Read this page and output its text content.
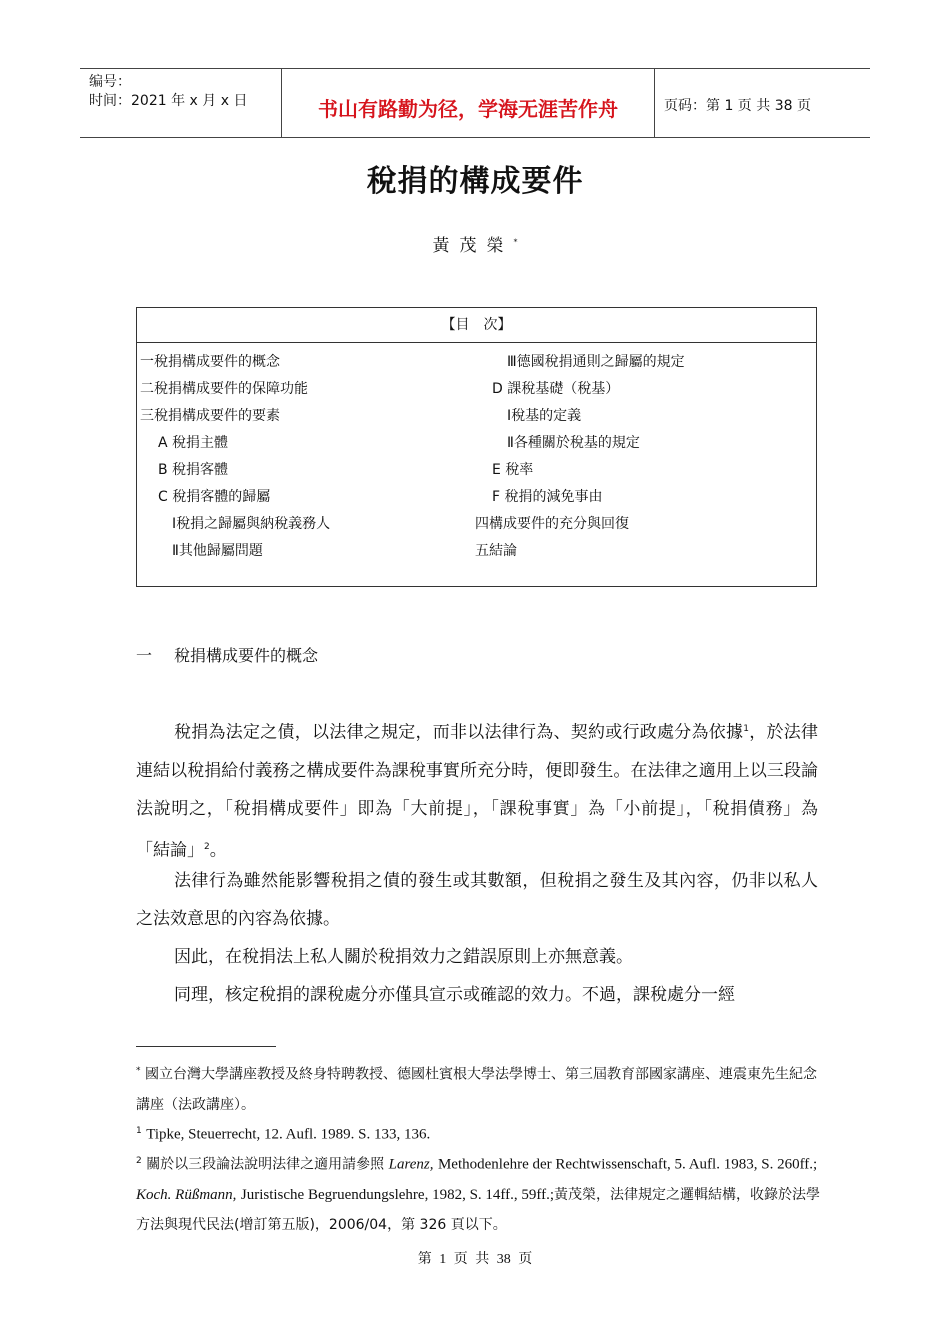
编号：
时间：2021 年 x 月 x 日	书山有路勤为径，学海无涯苦作舟	页码：第 1 页 共 38 页
稅捐的構成要件
黃茂榮*
【目　次】
一稅捐構成要件的概念
二稅捐構成要件的保障功能
三稅捐構成要件的要素
A 稅捐主體
B 稅捐客體
C 稅捐客體的歸屬
Ⅰ稅捐之歸屬與納稅義務人
Ⅱ其他歸屬問題
Ⅲ德國稅捐通則之歸屬的規定
D 課稅基礎（稅基）
Ⅰ稅基的定義
Ⅱ各種關於稅基的規定
E 稅率
F 稅捐的減免事由
四構成要件的充分與回復
五結論
一 稅捐構成要件的概念
稅捐為法定之債，以法律之規定，而非以法律行為、契約或行政處分為依據$^1$，於法律連結以稅捐給付義務之構成要件為課稅事實所充分時，便即發生。在法律之適用上以三段論法說明之，「稅捐構成要件」即為「大前提」，「課稅事實」為「小前提」，「稅捐債務」為「結論」$^2$。
法律行為雖然能影響稅捐之債的發生或其數額，但稅捐之發生及其內容，仍非以私人之法效意思的內容為依據。
因此，在稅捐法上私人關於稅捐效力之錯誤原則上亦無意義。
同理，核定稅捐的課稅處分亦僅具宣示或確認的效力。不過，課稅處分一經
* 國立台灣大學講座教授及終身特聘教授、德國杜賓根大學法學博士、第三屆教育部國家講座、連震東先生紀念講座（法政講座）。
$^1$ Tipke, Steuerrecht, 12. Aufl. 1989. S. 133, 136.
$^2$ 關於以三段論法說明法律之適用請參照 Larenz, Methodenlehre der Rechtwissenschaft, 5. Aufl. 1983, S. 260ff.; Koch. Rüßmann, Juristische Begruendungslehre, 1982, S. 14ff., 59ff.;黃茂榮，法律規定之邏輯結構，收錄於法學方法與現代民法(增訂第五版)，2006/04，第 326 頁以下。
第 1 页 共 38 页
